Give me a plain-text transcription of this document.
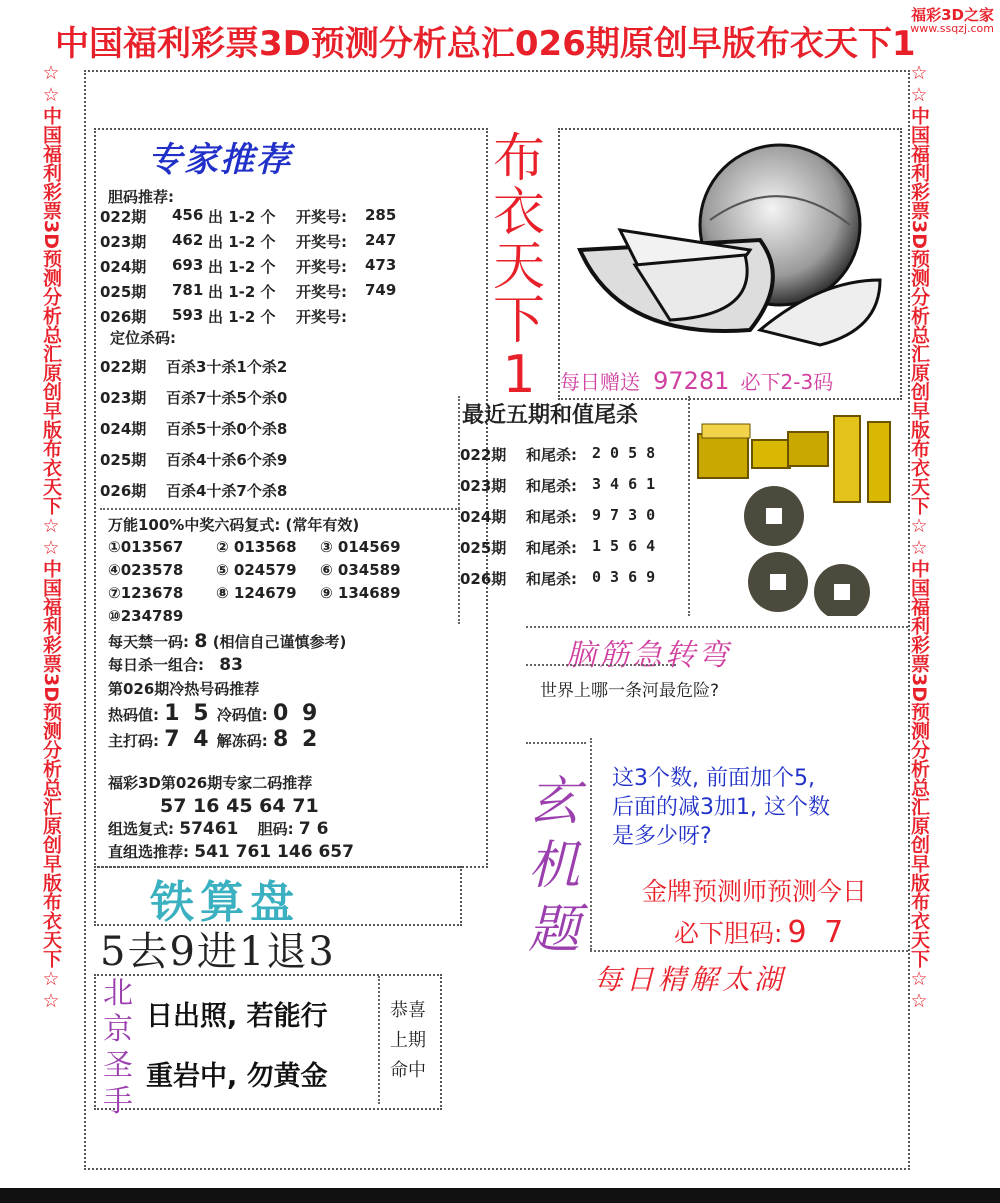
中国福利彩票3D预测分析总汇026期原创早版布衣天下1
福彩3D之家
www.ssqzj.com
☆☆中国福利彩票3D预测分析总汇原创早版布衣天下☆☆中国福利彩票3D预测分析总汇原创早版布衣天下☆☆	☆☆中国福利彩票3D预测分析总汇原创早版布衣天下☆☆中国福利彩票3D预测分析总汇原创早版布衣天下☆☆
专家推荐	布衣天下1
胆码推荐:
022期 456 出 1-2 个 开奖号: 285
023期 462 出 1-2 个 开奖号: 247
024期 693 出 1-2 个 开奖号: 473
025期 781 出 1-2 个 开奖号: 749
026期 593 出 1-2 个 开奖号:
定位杀码:
022期 百杀3十杀1个杀2
023期 百杀7十杀5个杀0
024期 百杀5十杀0个杀8
025期 百杀4十杀6个杀9
026期 百杀4十杀7个杀8
万能100%中奖六码复式: (常年有效)
①013567 ② 013568 ③ 014569
④023578 ⑤ 024579 ⑥ 034589
⑦123678 ⑧ 124679 ⑨ 134689
⑩234789
每天禁一码: 8 (相信自己谨慎参考)
每日杀一组合: 83
第026期冷热号码推荐
热码值: 1 5 冷码值: 0 9
主打码: 7 4 解冻码: 8 2
福彩3D第026期专家二码推荐
57 16 45 64 71
组选复式: 57461 胆码: 7 6
直组选推荐: 541 761 146 657
每日赠送 97281 必下2-3码
最近五期和值尾杀
022期 和尾杀: 2 0 5 8
023期 和尾杀: 3 4 6 1
024期 和尾杀: 9 7 3 0
025期 和尾杀: 1 5 6 4
026期 和尾杀: 0 3 6 9
脑筋急转弯
世界上哪一条河最危险?
玄机题
这3个数, 前面加个5,
后面的减3加1, 这个数
是多少呀?
金牌预测师预测今日
必下胆码: 9 7
每日精解太湖
铁算盘
5去9进1退3
北京圣手
日出照, 若能行
重岩中, 勿黄金
恭喜
上期
命中
